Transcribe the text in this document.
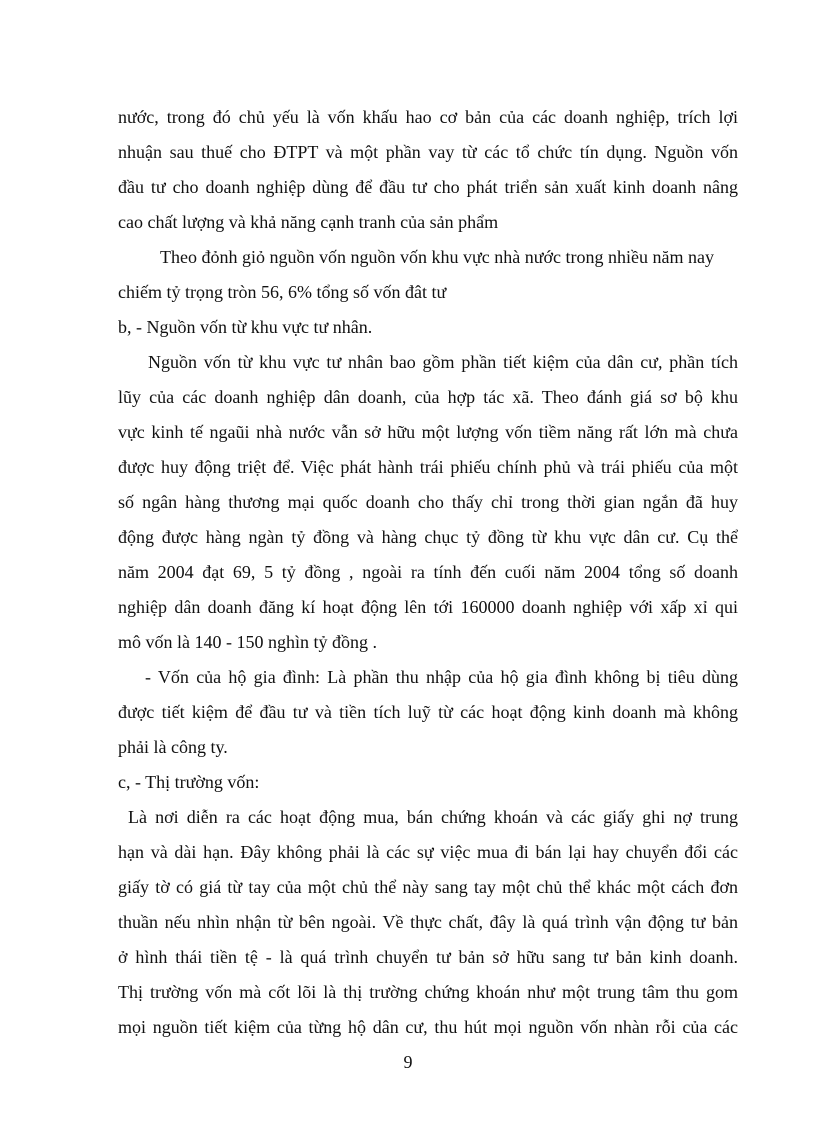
nước, trong đó chủ yếu là vốn khấu hao cơ bản của các doanh nghiệp, trích lợi
nhuận sau thuế cho ĐTPT và một phần vay từ các tổ chức tín dụng. Nguồn vốn
đầu tư cho doanh nghiệp dùng để đầu tư cho phát triển sản xuất kinh doanh nâng
cao chất lượng và khả năng cạnh tranh của sản phẩm
Theo đỏnh giỏ nguồn vốn nguồn vốn khu vực nhà nước trong nhiều năm nay
chiếm tỷ trọng tròn 56, 6% tổng số vốn đât tư
b, - Nguồn vốn từ khu vực tư nhân.
Nguồn vốn từ khu vực tư nhân bao gồm phần tiết kiệm của dân cư, phần tích
lũy của các doanh nghiệp dân doanh, của hợp tác xã. Theo đánh giá sơ bộ khu
vực kinh tế ngaũi nhà nước vẫn sở hữu một lượng vốn tiềm năng rất lớn mà chưa
được huy động triệt để. Việc phát hành trái phiếu chính phủ và trái phiếu của một
số ngân hàng thương mại quốc doanh cho thấy chỉ trong thời gian ngắn đã huy
động được hàng ngàn tỷ đồng và hàng chục tỷ đồng từ khu vực dân cư. Cụ thể
năm 2004 đạt 69, 5 tỷ đồng , ngoài ra tính đến cuối năm 2004 tổng số doanh
nghiệp dân doanh đăng kí hoạt động lên tới 160000 doanh nghiệp với xấp xỉ qui
mô vốn là 140 - 150 nghìn tỷ đồng .
- Vốn của hộ gia đình: Là phần thu nhập của hộ gia đình không bị tiêu dùng
được tiết kiệm để đầu tư và tiền tích luỹ từ các hoạt động kinh doanh mà không
phải là công ty.
c, - Thị trường vốn:
Là nơi diễn ra các hoạt động mua, bán chứng khoán và các giấy ghi nợ trung
hạn và dài hạn. Đây không phải là các sự việc mua đi bán lại hay chuyển đổi các
giấy tờ có giá từ tay của một chủ thể này sang tay một chủ thể khác một cách đơn
thuần nếu nhìn nhận từ bên ngoài. Về thực chất, đây là quá trình vận động tư bản
ở hình thái tiền tệ - là quá trình chuyển tư bản sở hữu sang tư bản kinh doanh.
Thị trường vốn mà cốt lõi là thị trường chứng khoán như một trung tâm thu gom
mọi nguồn tiết kiệm của từng hộ dân cư, thu hút mọi nguồn vốn nhàn rỗi của các
9
